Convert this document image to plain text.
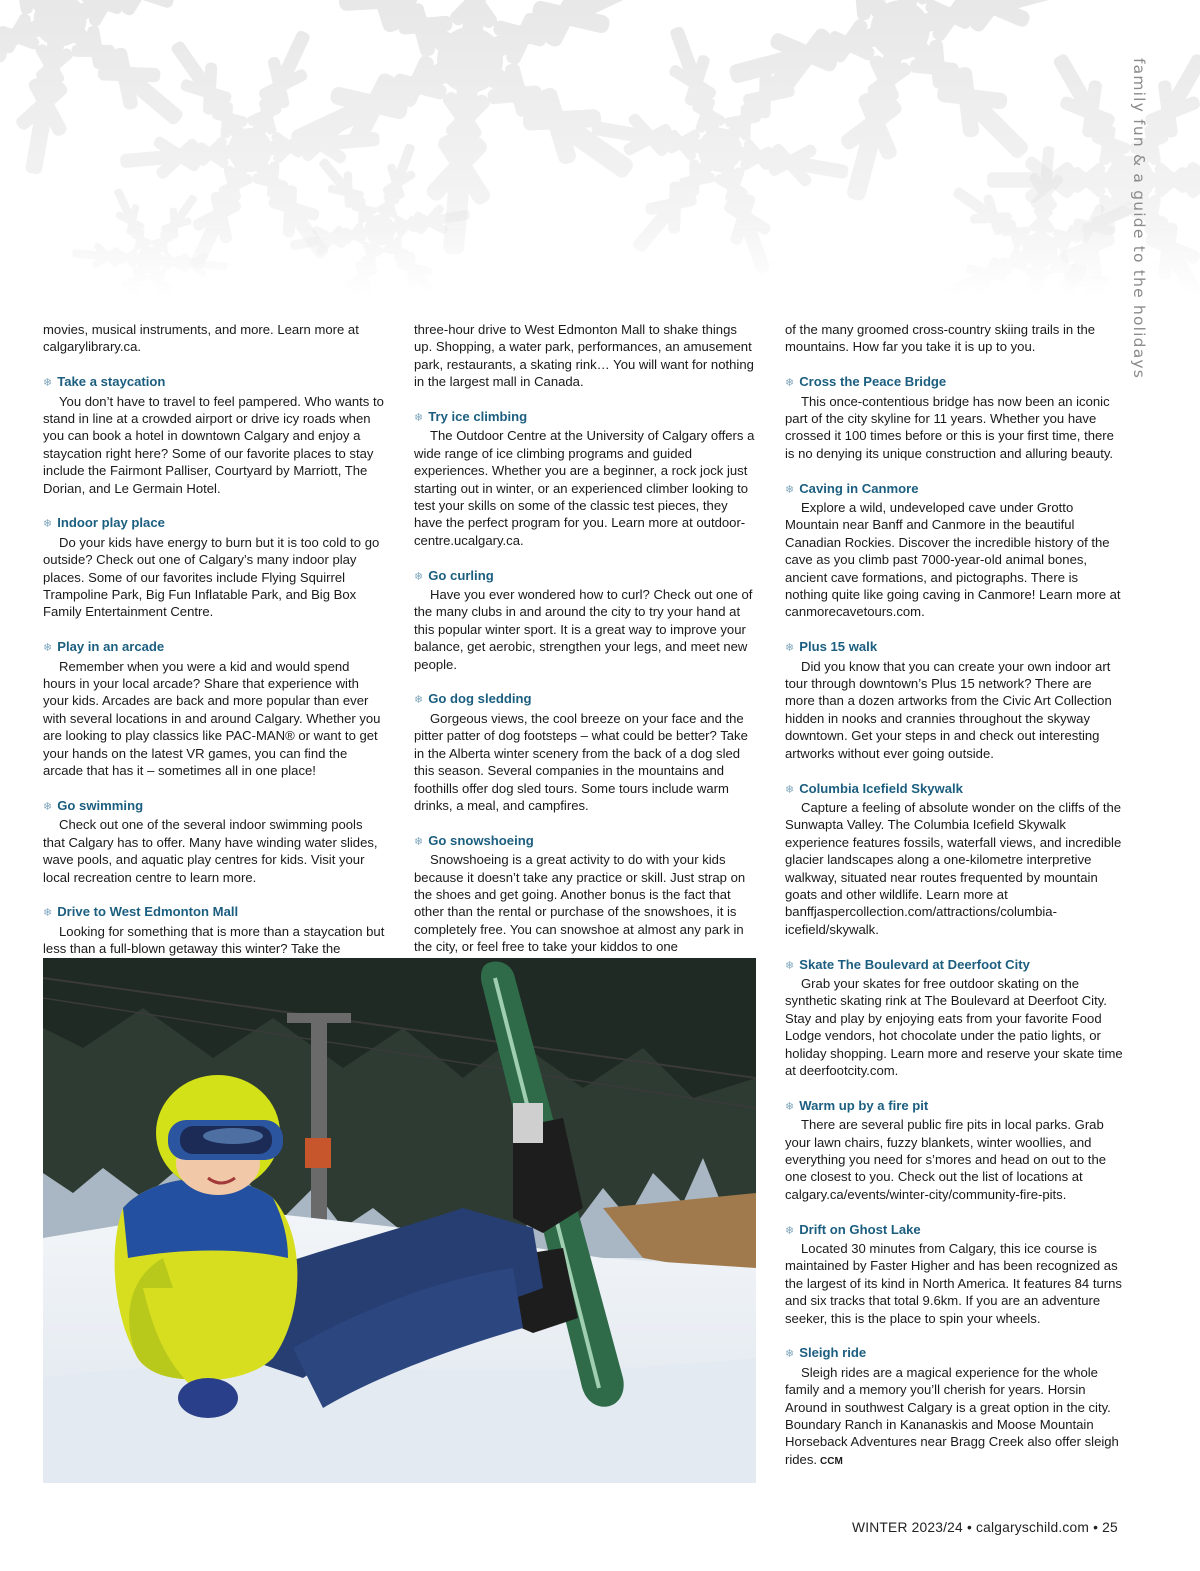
family fun & a guide to the holidays

movies, musical instruments, and more. Learn more at calgarylibrary.ca.

❄ Take a staycation

You don’t have to travel to feel pampered. Who wants to stand in line at a crowded airport or drive icy roads when you can book a hotel in downtown Calgary and enjoy a staycation right here? Some of our favorite places to stay include the Fairmont Palliser, Courtyard by Marriott, The Dorian, and Le Germain Hotel.

❄ Indoor play place

Do your kids have energy to burn but it is too cold to go outside? Check out one of Calgary’s many indoor play places. Some of our favorites include Flying Squirrel Trampoline Park, Big Fun Inflatable Park, and Big Box Family Entertainment Centre.

❄ Play in an arcade

Remember when you were a kid and would spend hours in your local arcade? Share that experience with your kids. Arcades are back and more popular than ever with several locations in and around Calgary. Whether you are looking to play classics like PAC-MAN® or want to get your hands on the latest VR games, you can find the arcade that has it – sometimes all in one place!

❄ Go swimming

Check out one of the several indoor swimming pools that Calgary has to offer. Many have winding water slides, wave pools, and aquatic play centres for kids. Visit your local recreation centre to learn more.

❄ Drive to West Edmonton Mall

Looking for something that is more than a staycation but less than a full-blown getaway this winter? Take the

three-hour drive to West Edmonton Mall to shake things up. Shopping, a water park, performances, an amusement park, restaurants, a skating rink… You will want for nothing in the largest mall in Canada.

❄ Try ice climbing

The Outdoor Centre at the University of Calgary offers a wide range of ice climbing programs and guided experiences. Whether you are a beginner, a rock jock just starting out in winter, or an experienced climber looking to test your skills on some of the classic test pieces, they have the perfect program for you. Learn more at outdoor-centre.ucalgary.ca.

❄ Go curling

Have you ever wondered how to curl? Check out one of the many clubs in and around the city to try your hand at this popular winter sport. It is a great way to improve your balance, get aerobic, strengthen your legs, and meet new people.

❄ Go dog sledding

Gorgeous views, the cool breeze on your face and the pitter patter of dog footsteps – what could be better? Take in the Alberta winter scenery from the back of a dog sled this season. Several companies in the mountains and foothills offer dog sled tours. Some tours include warm drinks, a meal, and campfires.

❄ Go snowshoeing

Snowshoeing is a great activity to do with your kids because it doesn’t take any practice or skill. Just strap on the shoes and get going. Another bonus is the fact that other than the rental or purchase of the snowshoes, it is completely free. You can snowshoe at almost any park in the city, or feel free to take your kiddos to one

of the many groomed cross-country skiing trails in the mountains. How far you take it is up to you.

❄ Cross the Peace Bridge

This once-contentious bridge has now been an iconic part of the city skyline for 11 years. Whether you have crossed it 100 times before or this is your first time, there is no denying its unique construction and alluring beauty.

❄ Caving in Canmore

Explore a wild, undeveloped cave under Grotto Mountain near Banff and Canmore in the beautiful Canadian Rockies. Discover the incredible history of the cave as you climb past 7000-year-old animal bones, ancient cave formations, and pictographs. There is nothing quite like going caving in Canmore! Learn more at canmorecavetours.com.

❄ Plus 15 walk

Did you know that you can create your own indoor art tour through downtown’s Plus 15 network? There are more than a dozen artworks from the Civic Art Collection hidden in nooks and crannies throughout the skyway downtown. Get your steps in and check out interesting artworks without ever going outside.

❄ Columbia Icefield Skywalk

Capture a feeling of absolute wonder on the cliffs of the Sunwapta Valley. The Columbia Icefield Skywalk experience features fossils, waterfall views, and incredible glacier landscapes along a one-kilometre interpretive walkway, situated near routes frequented by mountain goats and other wildlife. Learn more at banffjaspercollection.com/attractions/columbia-icefield/skywalk.

❄ Skate The Boulevard at Deerfoot City

Grab your skates for free outdoor skating on the synthetic skating rink at The Boulevard at Deerfoot City. Stay and play by enjoying eats from your favorite Food Lodge vendors, hot chocolate under the patio lights, or holiday shopping. Learn more and reserve your skate time at deerfootcity.com.

❄ Warm up by a fire pit

There are several public fire pits in local parks. Grab your lawn chairs, fuzzy blankets, winter woollies, and everything you need for s’mores and head on out to the one closest to you. Check out the list of locations at calgary.ca/events/winter-city/community-fire-pits.

❄ Drift on Ghost Lake

Located 30 minutes from Calgary, this ice course is maintained by Faster Higher and has been recognized as the largest of its kind in North America. It features 84 turns and six tracks that total 9.6km. If you are an adventure seeker, this is the place to spin your wheels.

❄ Sleigh ride

Sleigh rides are a magical experience for the whole family and a memory you’ll cherish for years. Horsin Around in southwest Calgary is a great option in the city. Boundary Ranch in Kananaskis and Moose Mountain Horseback Adventures near Bragg Creek also offer sleigh rides. CCM

WINTER 2023/24 • calgaryschild.com • 25
